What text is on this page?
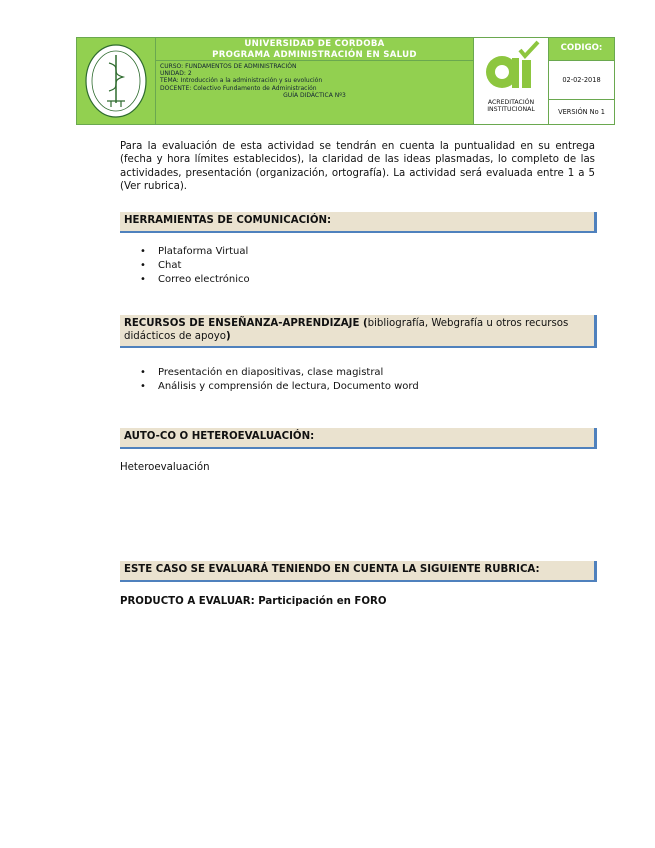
UNIVERSIDAD DE CORDOBA
PROGRAMA ADMINISTRACIÓN EN SALUD
CURSO: FUNDAMENTOS DE ADMINISTRACIÓN
UNIDAD: 2
TEMA: Introducción a la administración y su evolución
DOCENTE: Colectivo Fundamento de Administración
GUÍA DIDÁCTICA Nº3
ACREDITACIÓN
INSTITUCIONAL
CODIGO:
02-02-2018
VERSIÓN No 1
Para la evaluación de esta actividad se tendrán en cuenta la puntualidad en su entrega (fecha y hora límites establecidos), la claridad de las ideas plasmadas, lo completo de las actividades, presentación (organización, ortografía). La actividad será evaluada entre 1 a 5 (Ver rubrica).
HERRAMIENTAS DE COMUNICACIÓN:
• Plataforma Virtual
• Chat
• Correo electrónico
RECURSOS DE ENSEÑANZA-APRENDIZAJE (bibliografía, Webgrafía u otros recursos didácticos de apoyo)
• Presentación en diapositivas, clase magistral
• Análisis y comprensión de lectura, Documento word
AUTO-CO O HETEROEVALUACIÓN:
Heteroevaluación
ESTE CASO SE EVALUARÁ TENIENDO EN CUENTA LA SIGUIENTE RUBRICA:
PRODUCTO A EVALUAR: Participación en FORO
